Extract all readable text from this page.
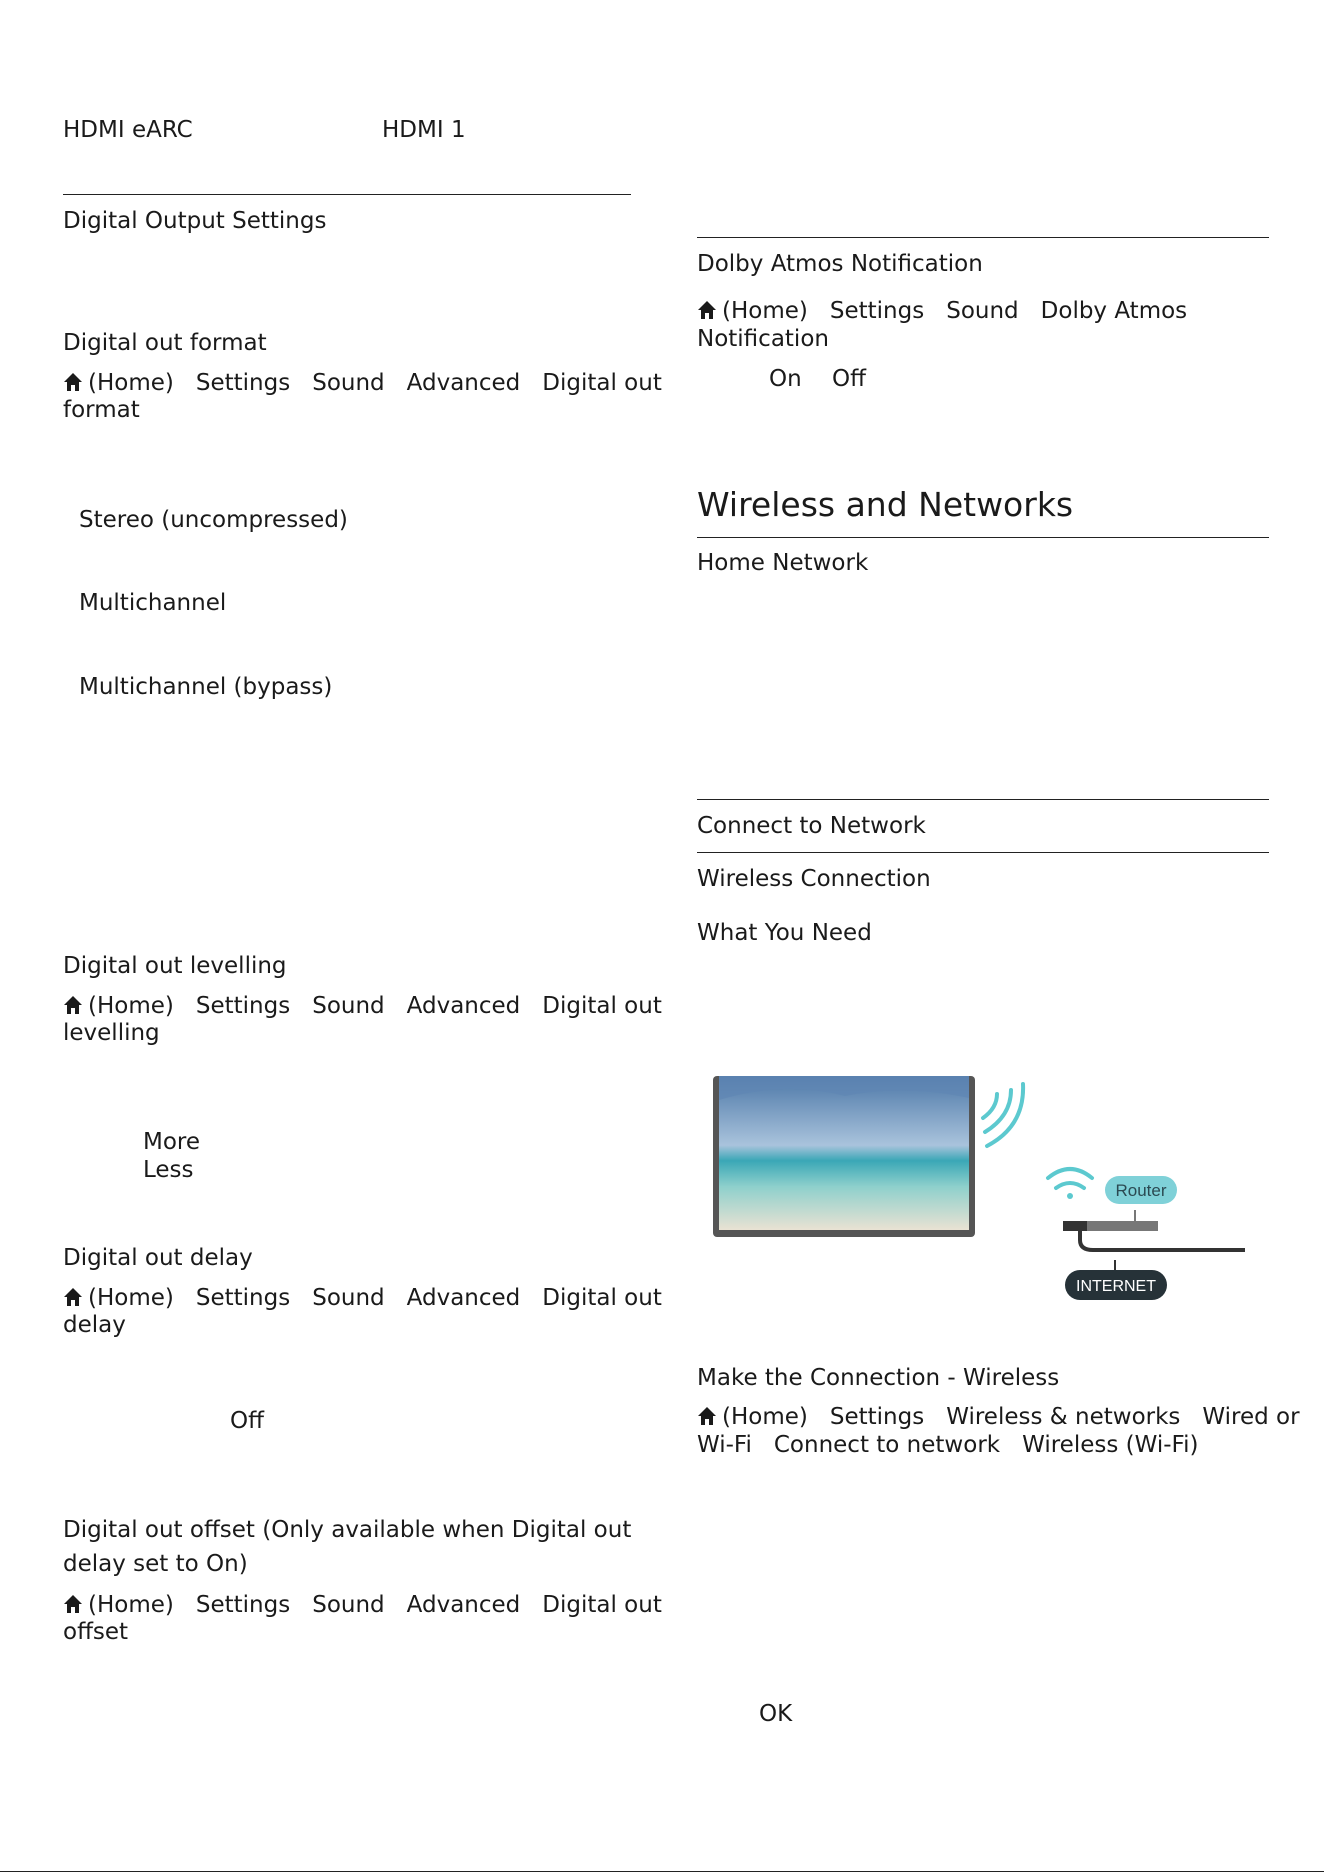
HDMI eARC	HDMI 1
Digital Output Settings
Digital out format
(Home) Settings Sound Advanced Digital out
format
Stereo (uncompressed)
Multichannel
Multichannel (bypass)
Digital out levelling
(Home) Settings Sound Advanced Digital out
levelling
More
Less
Digital out delay
(Home) Settings Sound Advanced Digital out
delay
Off
Digital out offset (Only available when Digital out
delay set to On)
(Home) Settings Sound Advanced Digital out
offset
Dolby Atmos Notification
(Home) Settings Sound Dolby Atmos
Notification
On Off
Wireless and Networks
Home Network
Connect to Network
Wireless Connection
What You Need
Router
INTERNET
Make the Connection - Wireless
(Home) Settings Wireless & networks Wired or
Wi-Fi Connect to network Wireless (Wi-Fi)
OK
